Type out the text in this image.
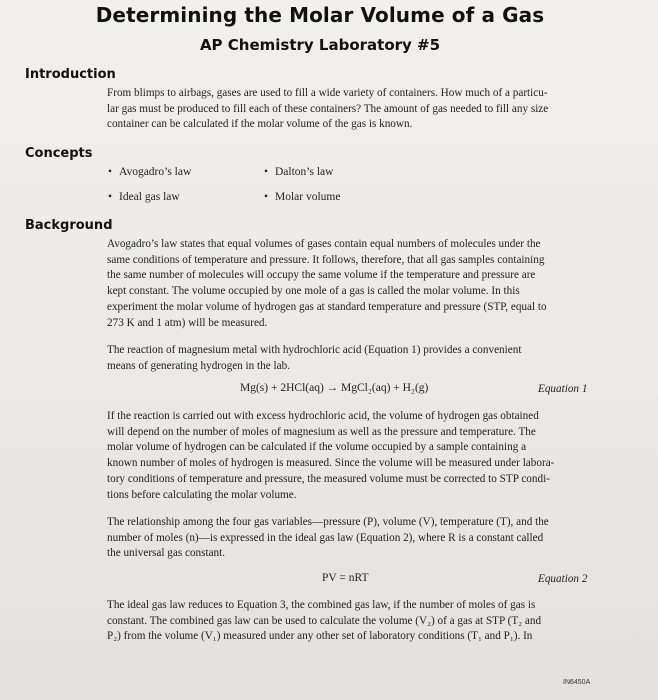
Determining the Molar Volume of a Gas
AP Chemistry Laboratory #5
Introduction
From blimps to airbags, gases are used to fill a wide variety of containers. How much of a particu-
lar gas must be produced to fill each of these containers? The amount of gas needed to fill any size
container can be calculated if the molar volume of the gas is known.
Concepts
• Avogadro’s law	• Dalton’s law
• Ideal gas law	• Molar volume
Background
Avogadro’s law states that equal volumes of gases contain equal numbers of molecules under the
same conditions of temperature and pressure. It follows, therefore, that all gas samples containing
the same number of molecules will occupy the same volume if the temperature and pressure are
kept constant. The volume occupied by one mole of a gas is called the molar volume. In this
experiment the molar volume of hydrogen gas at standard temperature and pressure (STP, equal to
273 K and 1 atm) will be measured.
The reaction of magnesium metal with hydrochloric acid (Equation 1) provides a convenient
means of generating hydrogen in the lab.
Mg(s) + 2HCl(aq) → MgCl₂(aq) + H₂(g)	Equation 1
If the reaction is carried out with excess hydrochloric acid, the volume of hydrogen gas obtained
will depend on the number of moles of magnesium as well as the pressure and temperature. The
molar volume of hydrogen can be calculated if the volume occupied by a sample containing a
known number of moles of hydrogen is measured. Since the volume will be measured under labora-
tory conditions of temperature and pressure, the measured volume must be corrected to STP condi-
tions before calculating the molar volume.
The relationship among the four gas variables—pressure (P), volume (V), temperature (T), and the
number of moles (n)—is expressed in the ideal gas law (Equation 2), where R is a constant called
the universal gas constant.
PV = nRT	Equation 2
The ideal gas law reduces to Equation 3, the combined gas law, if the number of moles of gas is
constant. The combined gas law can be used to calculate the volume (V₂) of a gas at STP (T₂ and
P₂) from the volume (V₁) measured under any other set of laboratory conditions (T₁ and P₁). In
IN6450A
